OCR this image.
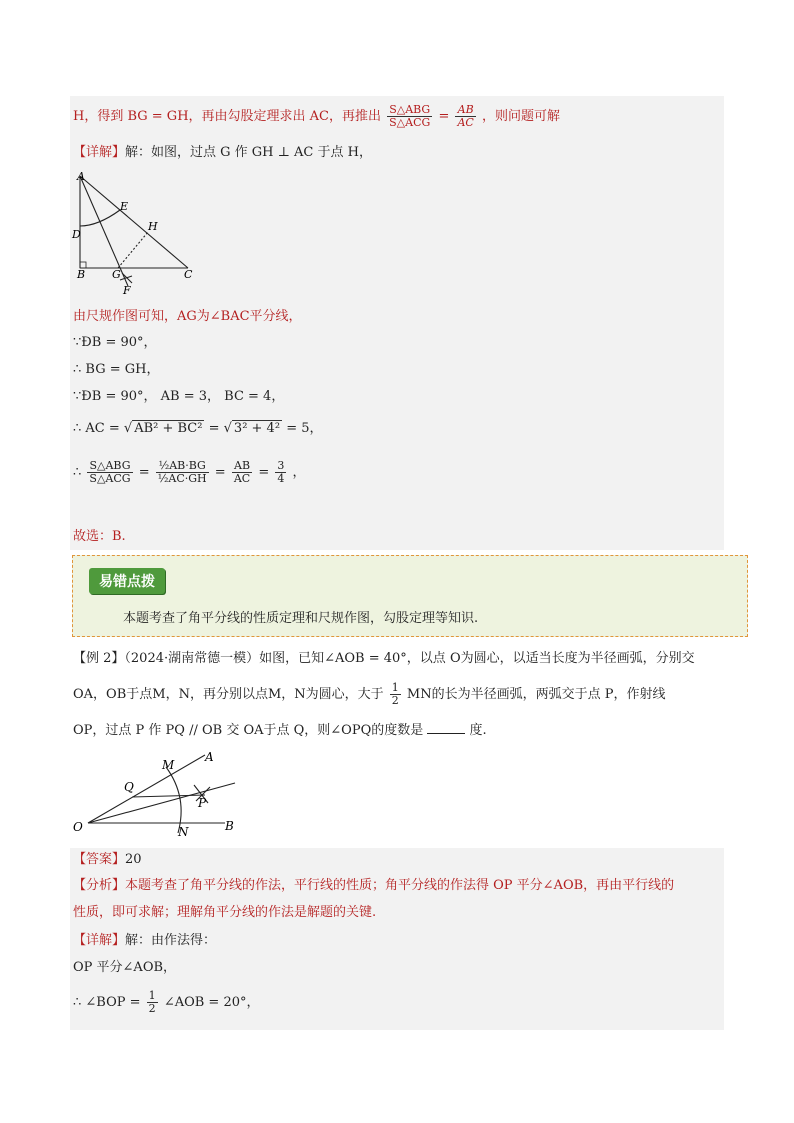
H，得到 BG = GH，再由勾股定理求出 AC，再推出 $\frac{\text{S△ABG}}{\text{S△ACG}} = \frac{AB}{AC}$ ，则问题可解
【详解】解：如图，过点 G 作 GH ⊥ AC 于点 H，
A
E
H
D
B G	C
F
由尺规作图可知，AG为∠BAC平分线，
∵ÐB = 90°，
∴ BG = GH，
∵ÐB = 90°， AB = 3， BC = 4，
∴ AC = √ AB² + BC² = √ 3² + 4² = 5，
∴ $\frac{\text{S△ABG}}{\text{S△ACG}} = \frac{\text{½AB·BG}}{\text{½AC·GH}} = \frac{AB}{AC} = \frac{3}{4}$ ，
故选：B.
易错点拨
本题考查了角平分线的性质定理和尺规作图，勾股定理等知识.
【例 2】（2024·湖南常德一模）如图，已知∠AOB = 40°，以点 O为圆心，以适当长度为半径画弧，分别交
OA，OB于点M，N，再分别以点M，N为圆心，大于 $\frac{1}{2}$ MN的长为半径画弧，两弧交于点 P，作射线
OP，过点 P 作 PQ // OB 交 OA于点 Q，则∠OPQ的度数是	度.
A
M
Q
P
O	N	B
【答案】20
【分析】本题考查了角平分线的作法，平行线的性质；角平分线的作法得 OP 平分∠AOB，再由平行线的
性质，即可求解；理解角平分线的作法是解题的关键.
【详解】解：由作法得：
OP 平分∠AOB，
∴ ∠BOP = $\frac{1}{2}$ ∠AOB = 20°，
